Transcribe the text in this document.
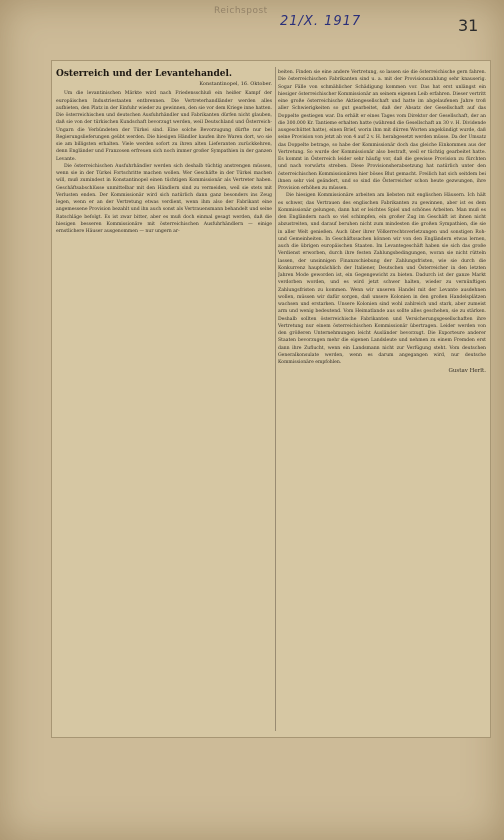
Reichspost
21/X. 1917	31
Österreich und der Levantehandel.
Konstantinopel, 16. Oktober.

Um die levantinischen Märkte wird nach Friedensschluß ein heißer Kampf der europäischen Industriestaaten entbrennen. Die Vertreterhandländer werden alles aufbieten, den Platz in der Einfuhr wieder zu gewinnen, den sie vor dem Kriege inne hatten. Die österreichischen und deutschen Ausfuhrhändler und Fabrikanten dürfen nicht glauben, daß sie von der türkischen Kundschaft bevorzugt werden, weil Deutschland und Österreich-Ungarn die Verbündeten der Türkei sind. Eine solche Bevorzugung dürfte nur bei Regierungslieferungen geübt werden. Die hiesigen Händler kaufen ihre Waren dort, wo sie sie am billigsten erhalten. Viele werden sofort zu ihren alten Lieferanten zurückkehren, denn Engländer und Franzosen erfreuen sich noch immer großer Sympathien in der ganzen Levante.

Die österreichischen Ausfuhrhändler werden sich deshalb tüchtig anstrengen müssen, wenn sie in der Türkei Fortschritte machen wollen. Wer Geschäfte in der Türkei machen will, muß zumindest in Konstantinopel einen tüchtigen Kommissionär als Vertreter haben. Geschäftsabschlüsse unmittelbar mit den Händlern sind zu vermeiden, weil sie stets mit Verlusten enden. Der Kommissionär wird sich natürlich dann ganz besonders ins Zeug legen, wenn er an der Vertretung etwas verdient, wenn ihm also der Fabrikant eine angemessene Provision bezahlt und ihn auch sonst als Vertrauensmann behandelt und seine Ratschläge befolgt. Es ist zwar bitter, aber es muß doch einmal gesagt werden, daß die hiesigen besseren Kommissionäre mit österreichischen Ausfuhrhändlern — einige ernstlichere Häuser ausgenommen — nur ungern ar-

beiten. Finden sie eine andere Vertretung, so lassen sie die österreichische gern fahren. Die österreichischen Fabrikanten sind u. a. mit der Provisionszahlung sehr knauserig. Sogar Fälle von schmählicher Schädigung kommen vor. Das hat erst unlängst ein hiesiger österreichischer Kommissionär an seinem eigenen Leib erfahren. Dieser vertritt eine große österreichische Aktiengesellschaft und hatte im abgelaufenen Jahre troß aller Schwierigkeiten so gut gearbeitet, daß der Absatz der Gesellschaft auf das Doppelte gestiegen war. Da erhält er eines Tages vom Direktor der Gesellschaft, der an die 300.000 Kr. Tantieme erhalten hatte (während die Gesellschaft an 30 v. H. Dividende ausgeschüttet hatte), einen Brief, worin ihm mit dürren Worten angekündigt wurde, daß seine Provision von jetzt ab von 4 auf 2 v. H. herabgesetzt werden müsse. Da der Umsatz das Doppelte betrage, so habe der Kommissionär doch das gleiche Einkommen aus der Vertretung. So wurde der Kommissionär also bestraft, weil er tüchtig gearbeitet hatte. Es kommt in Österreich leider sehr häufig vor, daß die gewisse Provision zu fürchten und nach vorwärts streben. Diese Provisionsherabsetzung hat natürlich unter den österreichischen Kommissionären hier böses Blut gemacht. Freilich hat sich seitdem bei ihnen sehr viel geändert, und so sind die Österreicher schon heute gezwungen, ihre Provision erhöhen zu müssen.

Die hiesigen Kommissionäre arbeiten am liebsten mit englischen Häusern. Ich hält es schwer, das Vertrauen des englischen Fabrikanten zu gewinnen, aber ist es dem Kommissionär gelungen, dann hat er leichtes Spiel und schönes Arbeiten. Man muß es den Engländern nach so viel schimpfen, ein großer Zug im Geschäft ist ihnen nicht abzustreiten, und darauf beruhen nicht zum mindesten die großen Sympathien, die sie in aller Welt genießen. Auch über ihrer Völkerrechtsverletzungen und sonstigen Roh- und Gemeinheiten. In Geschäftssachen können wir von den Engländern etwas lernen, auch die übrigen europäischen Staaten. Im Levantegeschäft haben sie sich das große Verdienst erworben, durch ihre festen Zahlungsbedingungen, woran sie nicht rütteln lassen, der unsinnigen Finanzschiebung der Zahlungsfristen, wie sie durch die Konkurrenz hauptsächlich der Italiener, Deutschen und Österreicher in den letzten Jahren Mode geworden ist, ein Gegengewicht zu bieten. Dadurch ist der ganze Markt verdorben worden, und es wird jetzt schwer halten, wieder zu vernünftigen Zahlungsfristen zu kommen. Wenn wir unseren Handel mit der Levante ausdehnen wollen, müssen wir dafür sorgen, daß unsere Kolonien in den großen Handelsplätzen wachsen und erstarken. Unsere Kolonien sind wohl zahlreich und stark, aber zumeist arm und wenig bedeutend. Vom Heimatlande aus sollte alles geschehen, sie zu stärken. Deshalb sollten österreichische Fabrikanten und Versicherungsgesellschaften ihre Vertretung nur einem österreichischen Kommissionär übertragen. Leider werden von den größeren Unternehmungen leicht Ausländer bevorzugt. Die Exporteure anderer Staaten bevorzugen mehr die eigenen Landsleute und nehmen zu einem Fremden erst dann ihre Zuflucht, wenn ein Landsmann nicht zur Verfügung steht. Vom deutschen Generalkonsulate werden, wenn es darum angegangen wird, nur deutsche Kommissionäre empfohlen.

Gustav Herlt.
